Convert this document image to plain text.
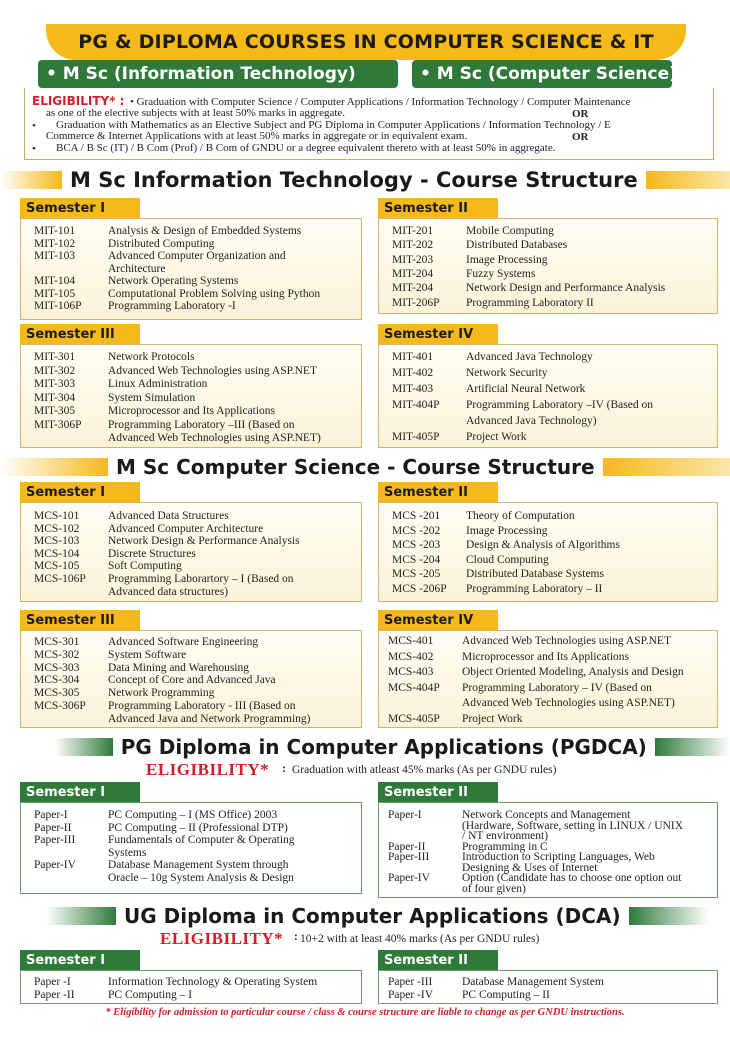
PG & DIPLOMA COURSES IN COMPUTER SCIENCE & IT
• M Sc (Information Technology)	• M Sc (Computer Science)
ELIGIBILITY* : • Graduation with Computer Science / Computer Applications / Information Technology / Computer Maintenance
as one of the elective subjects with at least 50% marks in aggregate.	OR
• Graduation with Mathematics as an Elective Subject and PG Diploma in Computer Applications / Information Technology / E
Commerce & Internet Applications with at least 50% marks in aggregate or in equivalent exam.	OR
• BCA / B Sc (IT) / B Com (Prof) / B Com of GNDU or a degree equivalent thereto with at least 50% in aggregate.
M Sc Information Technology - Course Structure
Semester I	Semester II
Semester III	Semester IV
M Sc Computer Science - Course Structure
Semester I	Semester II
Semester III	Semester IV
PG Diploma in Computer Applications (PGDCA)
ELIGIBILITY* : Graduation with atleast 45% marks (As per GNDU rules)
Semester I	Semester II
UG Diploma in Computer Applications (DCA)
ELIGIBILITY* : 10+2 with at least 40% marks (As per GNDU rules)
Semester I	Semester II
* Eligibility for admission to particular course / class & course structure are liable to change as per GNDU instructions.
MIT-101	Analysis & Design of Embedded Systems
MIT-102	Distributed Computing
MIT-103	Advanced Computer Organization and
Architecture
MIT-104	Network Operating Systems
MIT-105	Computational Problem Solving using Python
MIT-106P Programming Laboratory -I
MIT-201	Mobile Computing
MIT-202	Distributed Databases
MIT-203	Image Processing
MIT-204	Fuzzy Systems
MIT-204	Network Design and Performance Analysis
MIT-206P Programming Laboratory II
MIT-301	Network Protocols
MIT-302	Advanced Web Technologies using ASP.NET
MIT-303	Linux Administration
MIT-304	System Simulation
MIT-305	Microprocessor and Its Applications
MIT-306P Programming Laboratory –III (Based on
Advanced Web Technologies using ASP.NET)
MIT-401	Advanced Java Technology
MIT-402	Network Security
MIT-403	Artificial Neural Network
MIT-404P Programming Laboratory –IV (Based on
Advanced Java Technology)
MIT-405P Project Work
MCS-101 Advanced Data Structures
MCS-102 Advanced Computer Architecture
MCS-103 Network Design & Performance Analysis
MCS-104 Discrete Structures
MCS-105 Soft Computing
MCS-106P Programming Laborartory – I (Based on
Advanced data structures)
MCS -201 Theory of Computation
MCS -202 Image Processing
MCS -203 Design & Analysis of Algorithms
MCS -204 Cloud Computing
MCS -205 Distributed Database Systems
MCS -206P Programming Laboratory – II
MCS-301 Advanced Software Engineering
MCS-302 System Software
MCS-303 Data Mining and Warehousing
MCS-304 Concept of Core and Advanced Java
MCS-305 Network Programming
MCS-306P Programming Laboratory - III (Based on
Advanced Java and Network Programming)
MCS-401 Advanced Web Technologies using ASP.NET
MCS-402 Microprocessor and Its Applications
MCS-403 Object Oriented Modeling, Analysis and Design
MCS-404P Programming Laboratory – IV (Based on
Advanced Web Technologies using ASP.NET)
MCS-405P Project Work
Paper-I	PC Computing – I (MS Office) 2003
Paper-II	PC Computing – II (Professional DTP)
Paper-III	Fundamentals of Computer & Operating
Systems
Paper-IV	Database Management System through
Oracle – 10g System Analysis & Design
Paper-I	Network Concepts and Management
(Hardware, Software, setting in LINUX / UNIX
/ NT environment)
Paper-II	Programming in C
Paper-III	Introduction to Scripting Languages, Web
Designing & Uses of Internet
Paper-IV	Option (Candidate has to choose one option out
of four given)
Paper -I	Information Technology & Operating System
Paper -II	PC Computing – I
Paper -III	Database Management System
Paper -IV	PC Computing – II
